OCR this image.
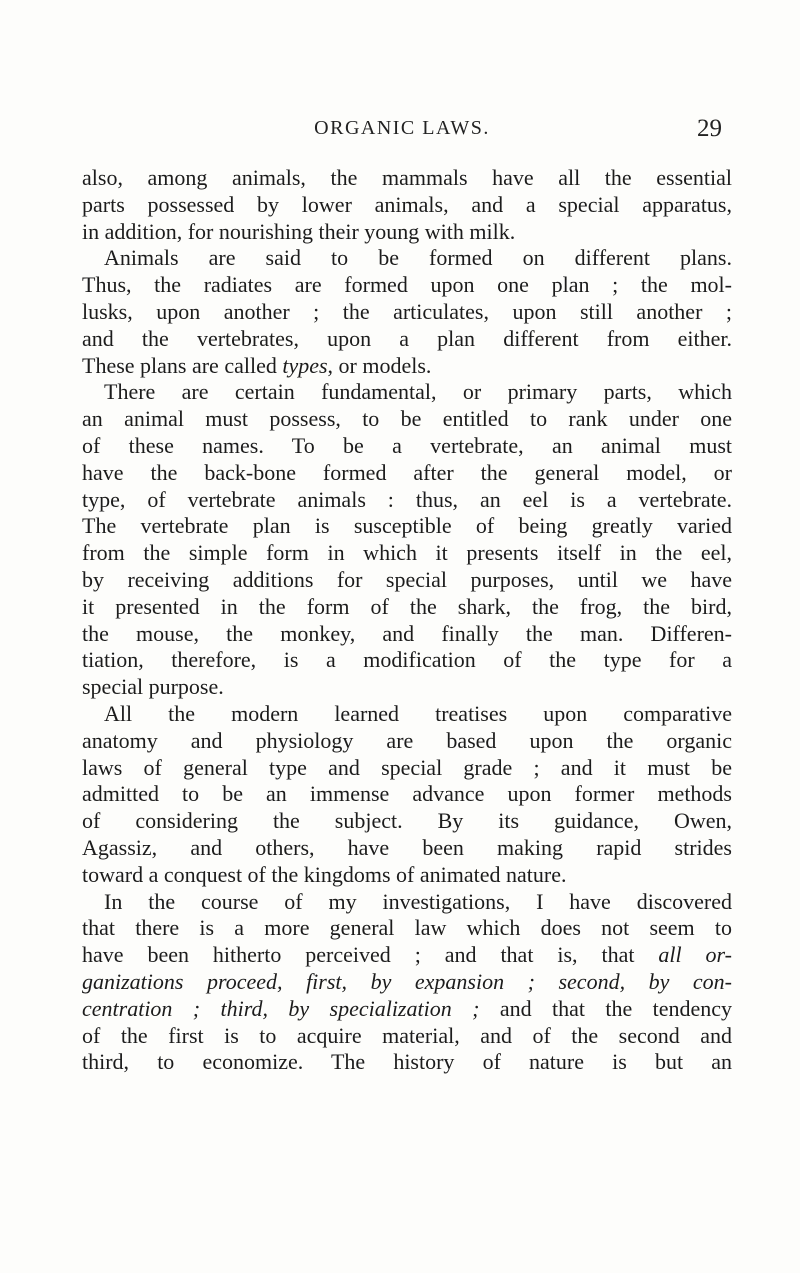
ORGANIC LAWS.	29
also, among animals, the mammals have all the essential
parts possessed by lower animals, and a special apparatus,
in addition, for nourishing their young with milk.
Animals are said to be formed on different plans.
Thus, the radiates are formed upon one plan ; the mol-
lusks, upon another ; the articulates, upon still another ;
and the vertebrates, upon a plan different from either.
These plans are called types, or models.
There are certain fundamental, or primary parts, which
an animal must possess, to be entitled to rank under one
of these names. To be a vertebrate, an animal must
have the back-bone formed after the general model, or
type, of vertebrate animals : thus, an eel is a vertebrate.
The vertebrate plan is susceptible of being greatly varied
from the simple form in which it presents itself in the eel,
by receiving additions for special purposes, until we have
it presented in the form of the shark, the frog, the bird,
the mouse, the monkey, and finally the man. Differen-
tiation, therefore, is a modification of the type for a
special purpose.
All the modern learned treatises upon comparative
anatomy and physiology are based upon the organic
laws of general type and special grade ; and it must be
admitted to be an immense advance upon former methods
of considering the subject. By its guidance, Owen,
Agassiz, and others, have been making rapid strides
toward a conquest of the kingdoms of animated nature.
In the course of my investigations, I have discovered
that there is a more general law which does not seem to
have been hitherto perceived ; and that is, that all or-
ganizations proceed, first, by expansion ; second, by con-
centration ; third, by specialization ; and that the tendency
of the first is to acquire material, and of the second and
third, to economize. The history of nature is but an
